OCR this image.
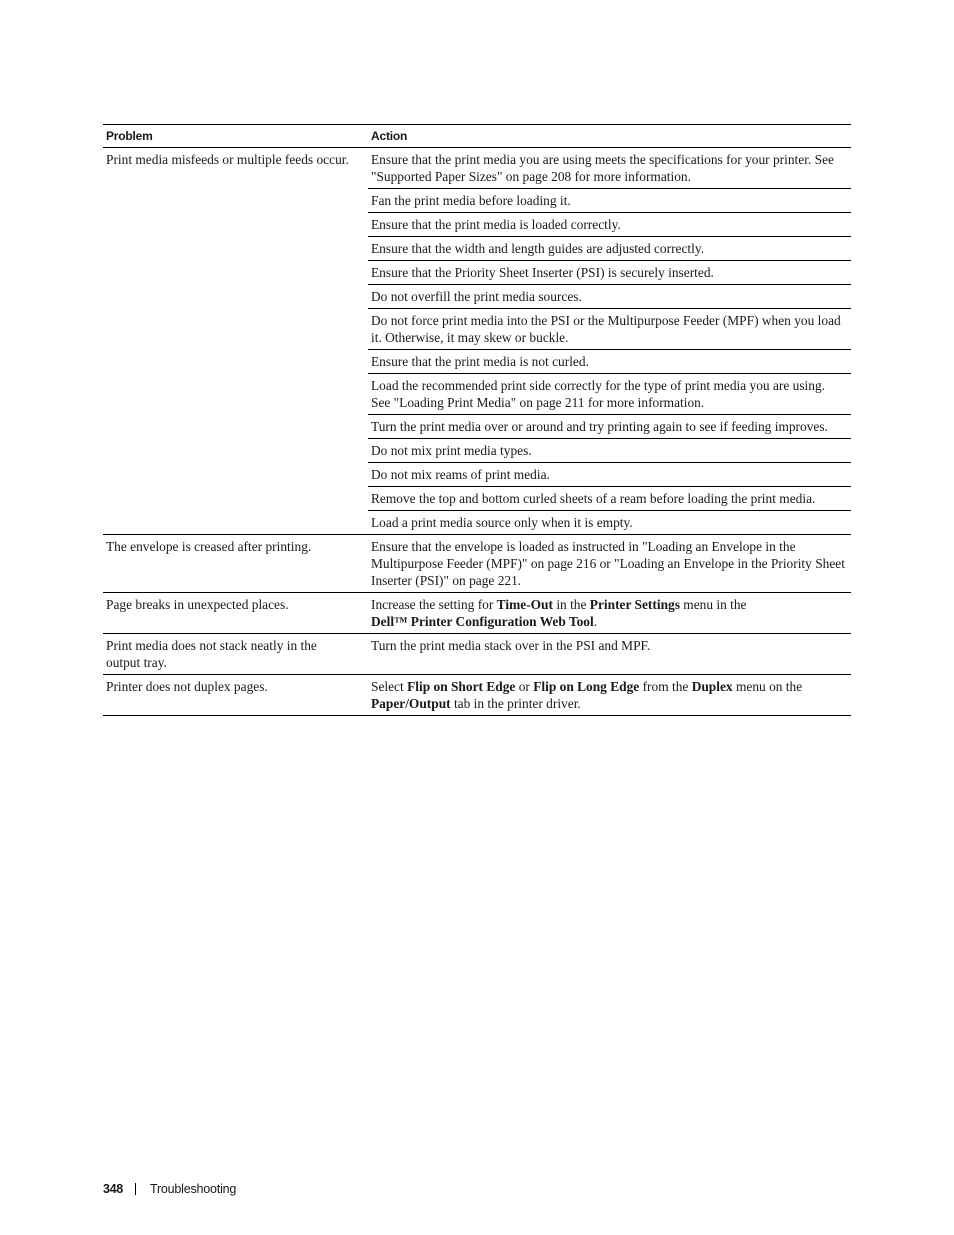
Problem	Action
Print media misfeeds or multiple feeds occur.	Ensure that the print media you are using meets the specifications for your printer. See "Supported Paper Sizes" on page 208 for more information.
	Fan the print media before loading it.
	Ensure that the print media is loaded correctly.
	Ensure that the width and length guides are adjusted correctly.
	Ensure that the Priority Sheet Inserter (PSI) is securely inserted.
	Do not overfill the print media sources.
	Do not force print media into the PSI or the Multipurpose Feeder (MPF) when you load it. Otherwise, it may skew or buckle.
	Ensure that the print media is not curled.
	Load the recommended print side correctly for the type of print media you are using. See "Loading Print Media" on page 211 for more information.
	Turn the print media over or around and try printing again to see if feeding improves.
	Do not mix print media types.
	Do not mix reams of print media.
	Remove the top and bottom curled sheets of a ream before loading the print media.
	Load a print media source only when it is empty.
The envelope is creased after printing.	Ensure that the envelope is loaded as instructed in "Loading an Envelope in the Multipurpose Feeder (MPF)" on page 216 or "Loading an Envelope in the Priority Sheet Inserter (PSI)" on page 221.
Page breaks in unexpected places.	Increase the setting for Time-Out in the Printer Settings menu in the
Dell™ Printer Configuration Web Tool.
Print media does not stack neatly in the output tray.	Turn the print media stack over in the PSI and MPF.
Printer does not duplex pages.	Select Flip on Short Edge or Flip on Long Edge from the Duplex menu on the
Paper/Output tab in the printer driver.
348 Troubleshooting
